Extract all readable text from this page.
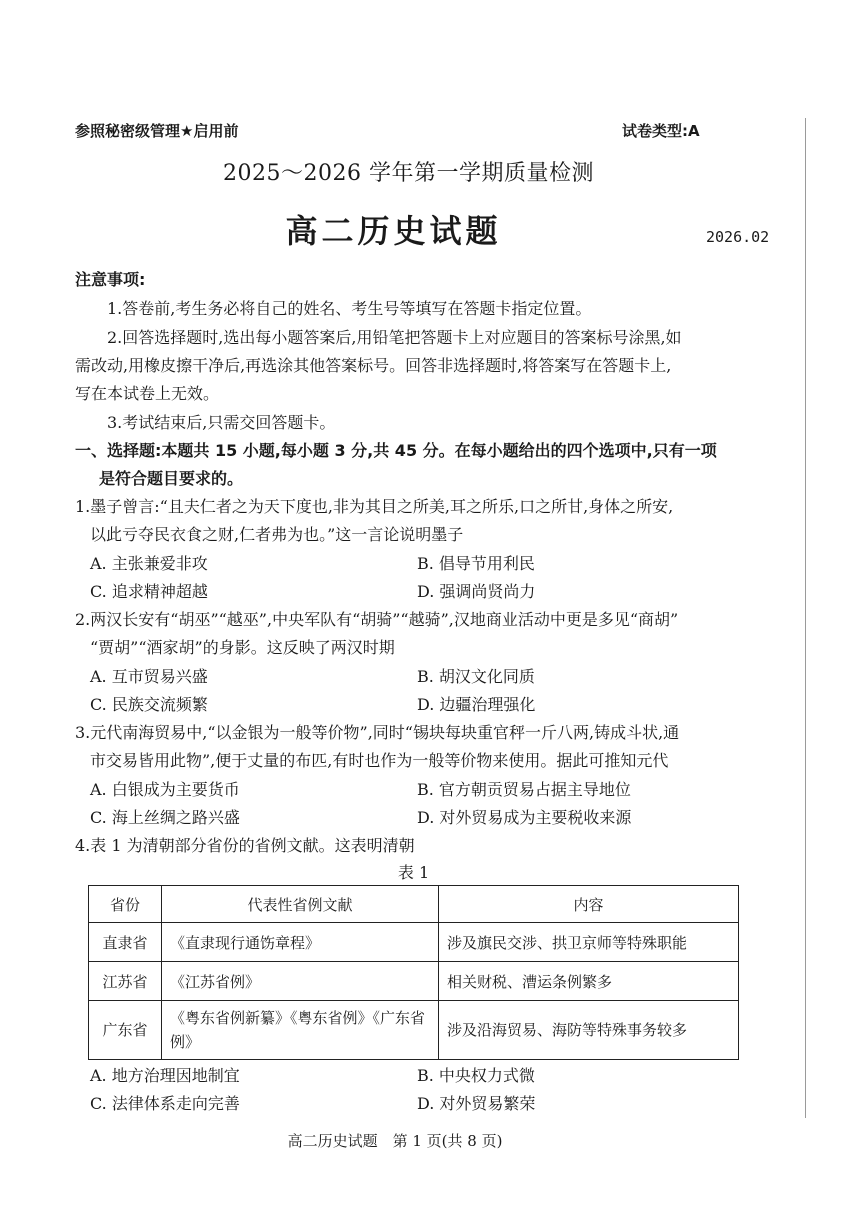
参照秘密级管理★启用前	试卷类型:A
2025～2026 学年第一学期质量检测
高二历史试题	2026.02
注意事项:
1.答卷前,考生务必将自己的姓名、考生号等填写在答题卡指定位置。
2.回答选择题时,选出每小题答案后,用铅笔把答题卡上对应题目的答案标号涂黑,如
需改动,用橡皮擦干净后,再选涂其他答案标号。回答非选择题时,将答案写在答题卡上,
写在本试卷上无效。
3.考试结束后,只需交回答题卡。
一、选择题:本题共 15 小题,每小题 3 分,共 45 分。在每小题给出的四个选项中,只有一项
是符合题目要求的。
1.墨子曾言:“且夫仁者之为天下度也,非为其目之所美,耳之所乐,口之所甘,身体之所安,
以此亏夺民衣食之财,仁者弗为也。”这一言论说明墨子
A. 主张兼爱非攻	B. 倡导节用利民
C. 追求精神超越	D. 强调尚贤尚力
2.两汉长安有“胡巫”“越巫”,中央军队有“胡骑”“越骑”,汉地商业活动中更是多见“商胡”
“贾胡”“酒家胡”的身影。这反映了两汉时期
A. 互市贸易兴盛	B. 胡汉文化同质
C. 民族交流频繁	D. 边疆治理强化
3.元代南海贸易中,“以金银为一般等价物”,同时“锡块每块重官秤一斤八两,铸成斗状,通
市交易皆用此物”,便于丈量的布匹,有时也作为一般等价物来使用。据此可推知元代
A. 白银成为主要货币	B. 官方朝贡贸易占据主导地位
C. 海上丝绸之路兴盛	D. 对外贸易成为主要税收来源
4.表 1 为清朝部分省份的省例文献。这表明清朝
表 1
省份	代表性省例文献	内容
直隶省	《直隶现行通饬章程》	涉及旗民交涉、拱卫京师等特殊职能
江苏省	《江苏省例》	相关财税、漕运条例繁多
广东省	《粤东省例新纂》《粤东省例》《广东省例》	涉及沿海贸易、海防等特殊事务较多
A. 地方治理因地制宜	B. 中央权力式微
C. 法律体系走向完善	D. 对外贸易繁荣
高二历史试题　第 1 页(共 8 页)
